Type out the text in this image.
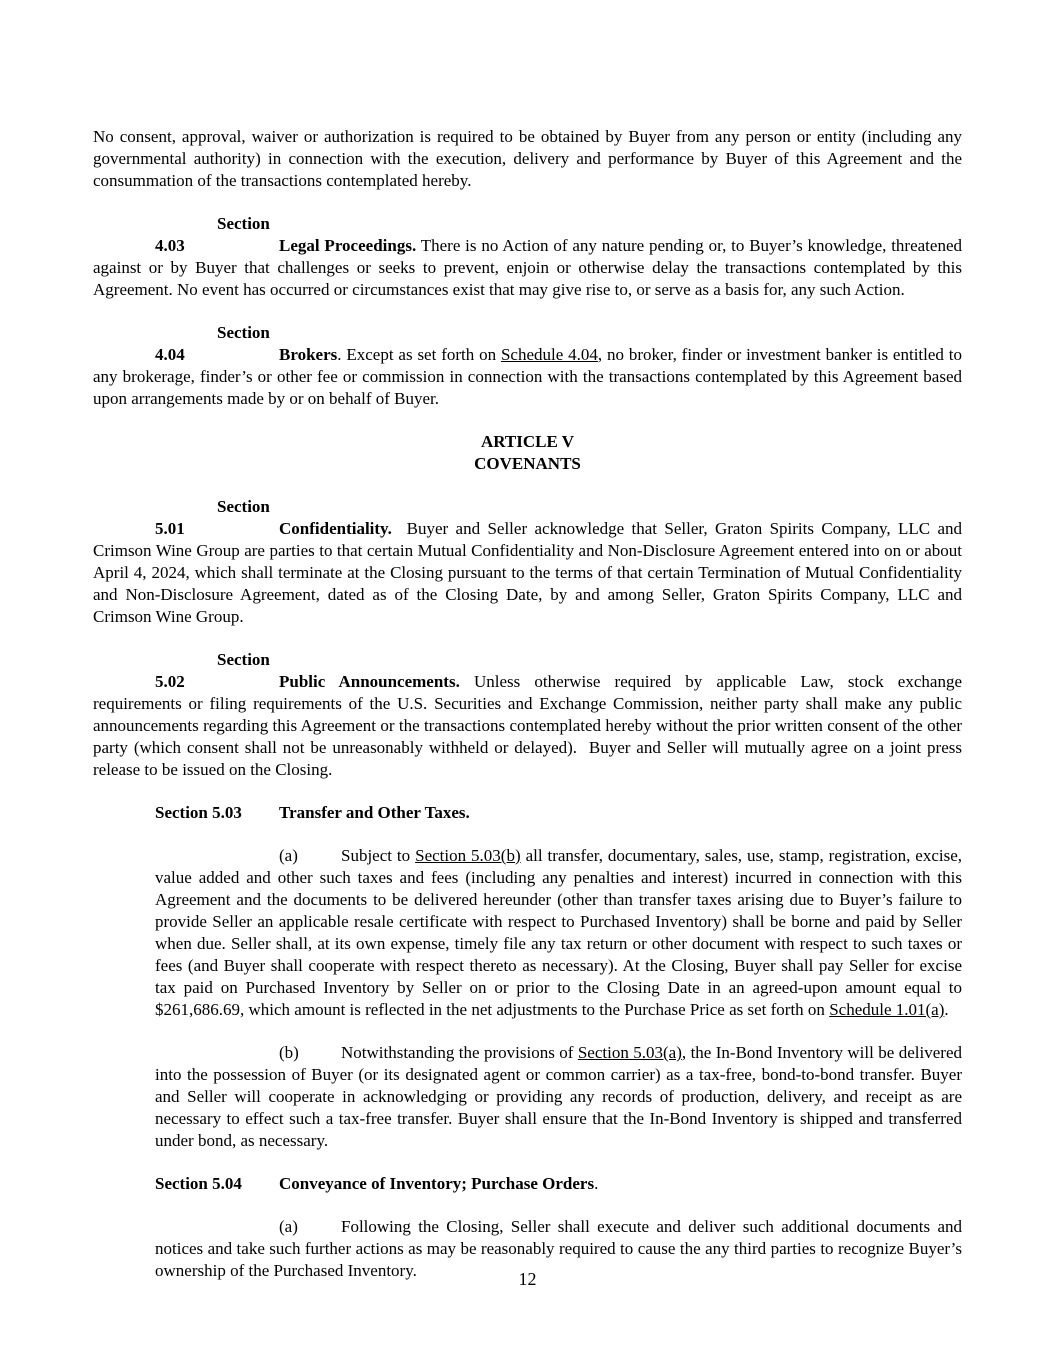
No consent, approval, waiver or authorization is required to be obtained by Buyer from any person or entity (including any governmental authority) in connection with the execution, delivery and performance by Buyer of this Agreement and the consummation of the transactions contemplated hereby.

Section 4.03	Legal Proceedings. There is no Action of any nature pending or, to Buyer’s knowledge, threatened against or by Buyer that challenges or seeks to prevent, enjoin or otherwise delay the transactions contemplated by this Agreement. No event has occurred or circumstances exist that may give rise to, or serve as a basis for, any such Action.

Section 4.04	Brokers. Except as set forth on Schedule 4.04, no broker, finder or investment banker is entitled to any brokerage, finder’s or other fee or commission in connection with the transactions contemplated by this Agreement based upon arrangements made by or on behalf of Buyer.

ARTICLE V
COVENANTS

Section 5.01	Confidentiality.  Buyer and Seller acknowledge that Seller, Graton Spirits Company, LLC and Crimson Wine Group are parties to that certain Mutual Confidentiality and Non-Disclosure Agreement entered into on or about April 4, 2024, which shall terminate at the Closing pursuant to the terms of that certain Termination of Mutual Confidentiality and Non-Disclosure Agreement, dated as of the Closing Date, by and among Seller, Graton Spirits Company, LLC and Crimson Wine Group.

Section 5.02	Public Announcements. Unless otherwise required by applicable Law, stock exchange requirements or filing requirements of the U.S. Securities and Exchange Commission, neither party shall make any public announcements regarding this Agreement or the transactions contemplated hereby without the prior written consent of the other party (which consent shall not be unreasonably withheld or delayed).  Buyer and Seller will mutually agree on a joint press release to be issued on the Closing.

Section 5.03 Transfer and Other Taxes.

(a)	Subject to Section 5.03(b) all transfer, documentary, sales, use, stamp, registration, excise, value added and other such taxes and fees (including any penalties and interest) incurred in connection with this Agreement and the documents to be delivered hereunder (other than transfer taxes arising due to Buyer’s failure to provide Seller an applicable resale certificate with respect to Purchased Inventory) shall be borne and paid by Seller when due. Seller shall, at its own expense, timely file any tax return or other document with respect to such taxes or fees (and Buyer shall cooperate with respect thereto as necessary). At the Closing, Buyer shall pay Seller for excise tax paid on Purchased Inventory by Seller on or prior to the Closing Date in an agreed-upon amount equal to $261,686.69, which amount is reflected in the net adjustments to the Purchase Price as set forth on Schedule 1.01(a).

(b) Notwithstanding the provisions of Section 5.03(a), the In-Bond Inventory will be delivered into the possession of Buyer (or its designated agent or common carrier) as a tax-free, bond-to-bond transfer. Buyer and Seller will cooperate in acknowledging or providing any records of production, delivery, and receipt as are necessary to effect such a tax-free transfer. Buyer shall ensure that the In-Bond Inventory is shipped and transferred under bond, as necessary.

Section 5.04 Conveyance of Inventory; Purchase Orders.

(a)	Following the Closing, Seller shall execute and deliver such additional documents and notices and take such further actions as may be reasonably required to cause the any third parties to recognize Buyer’s ownership of the Purchased Inventory.	12
